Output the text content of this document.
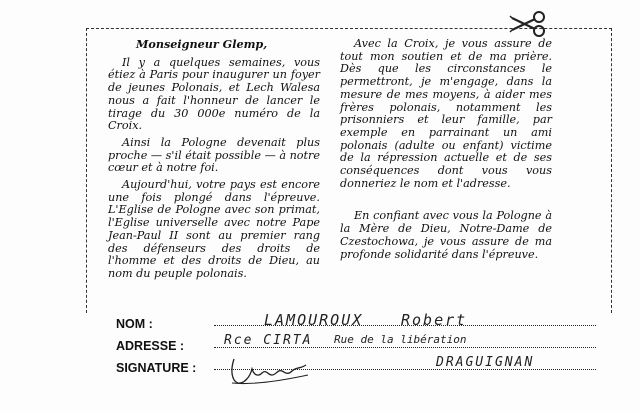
Monseigneur Glemp,

Il y a quelques semaines, vous étiez à Paris pour inaugurer un foyer de jeunes Polonais, et Lech Walesa nous a fait l'honneur de lancer le tirage du 30 000e numéro de la Croix.

Ainsi la Pologne devenait plus proche — s'il était possible — à notre cœur et à notre foi.

Aujourd'hui, votre pays est encore une fois plongé dans l'épreuve. L'Eglise de Pologne avec son primat, l'Eglise universelle avec notre Pape Jean-Paul II sont au premier rang des défenseurs des droits de l'homme et des droits de Dieu, au nom du peuple polonais.

Avec la Croix, je vous assure de tout mon soutien et de ma prière. Dès que les circonstances le permettront, je m'engage, dans la mesure de mes moyens, à aider mes frères polonais, notamment les prisonniers et leur famille, par exemple en parrainant un ami polonais (adulte ou enfant) victime de la répression actuelle et de ses conséquences dont vous vous donneriez le nom et l'adresse.

En confiant avec vous la Pologne à la Mère de Dieu, Notre-Dame de Czestochowa, je vous assure de ma profonde solidarité dans l'épreuve.

NOM :	LAMOUROUX	Robert
ADRESSE :	Rce CIRTA Rue de la libération
SIGNATURE :	DRAGUIGNAN
